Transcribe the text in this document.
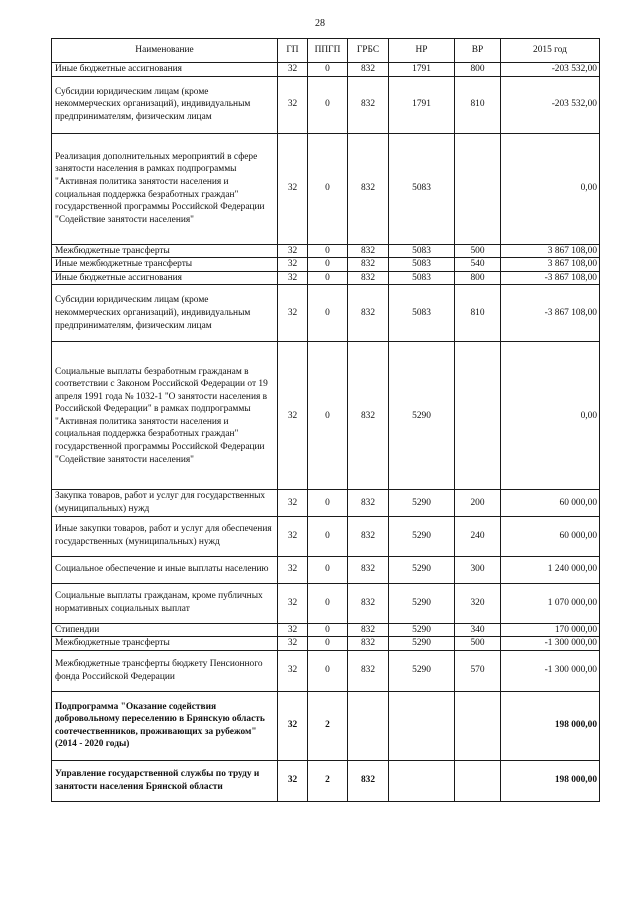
28
Наименование	ГП	ППГП	ГРБС	НР	ВР	2015 год
Иные бюджетные ассигнования	32	0	832	1791	800	-203 532,00
Субсидии юридическим лицам (кроме некоммерческих организаций), индивидуальным предпринимателям, физическим лицам	32	0	832	1791	810	-203 532,00
Реализация дополнительных мероприятий в сфере занятости населения в рамках подпрограммы "Активная политика занятости населения и социальная поддержка безработных граждан" государственной программы Российской Федерации "Содействие занятости населения"	32	0	832	5083		0,00
Межбюджетные трансферты	32	0	832	5083	500	3 867 108,00
Иные межбюджетные трансферты	32	0	832	5083	540	3 867 108,00
Иные бюджетные ассигнования	32	0	832	5083	800	-3 867 108,00
Субсидии юридическим лицам (кроме некоммерческих организаций), индивидуальным предпринимателям, физическим лицам	32	0	832	5083	810	-3 867 108,00
Социальные выплаты безработным гражданам в соответствии с Законом Российской Федерации от 19 апреля 1991 года № 1032-1 "О занятости населения в Российской Федерации" в рамках подпрограммы "Активная политика занятости населения и социальная поддержка безработных граждан" государственной программы Российской Федерации "Содействие занятости населения"	32	0	832	5290		0,00
Закупка товаров, работ и услуг для государственных (муниципальных) нужд	32	0	832	5290	200	60 000,00
Иные закупки товаров, работ и услуг для обеспечения государственных (муниципальных) нужд	32	0	832	5290	240	60 000,00
Социальное обеспечение и иные выплаты населению	32	0	832	5290	300	1 240 000,00
Социальные выплаты гражданам, кроме публичных нормативных социальных выплат	32	0	832	5290	320	1 070 000,00
Стипендии	32	0	832	5290	340	170 000,00
Межбюджетные трансферты	32	0	832	5290	500	-1 300 000,00
Межбюджетные трансферты бюджету Пенсионного фонда Российской Федерации	32	0	832	5290	570	-1 300 000,00
Подпрограмма "Оказание содействия добровольному переселению в Брянскую область соотечественников, проживающих за рубежом" (2014 - 2020 годы)	32	2				198 000,00
Управление государственной службы по труду и занятости населения Брянской области	32	2	832			198 000,00
